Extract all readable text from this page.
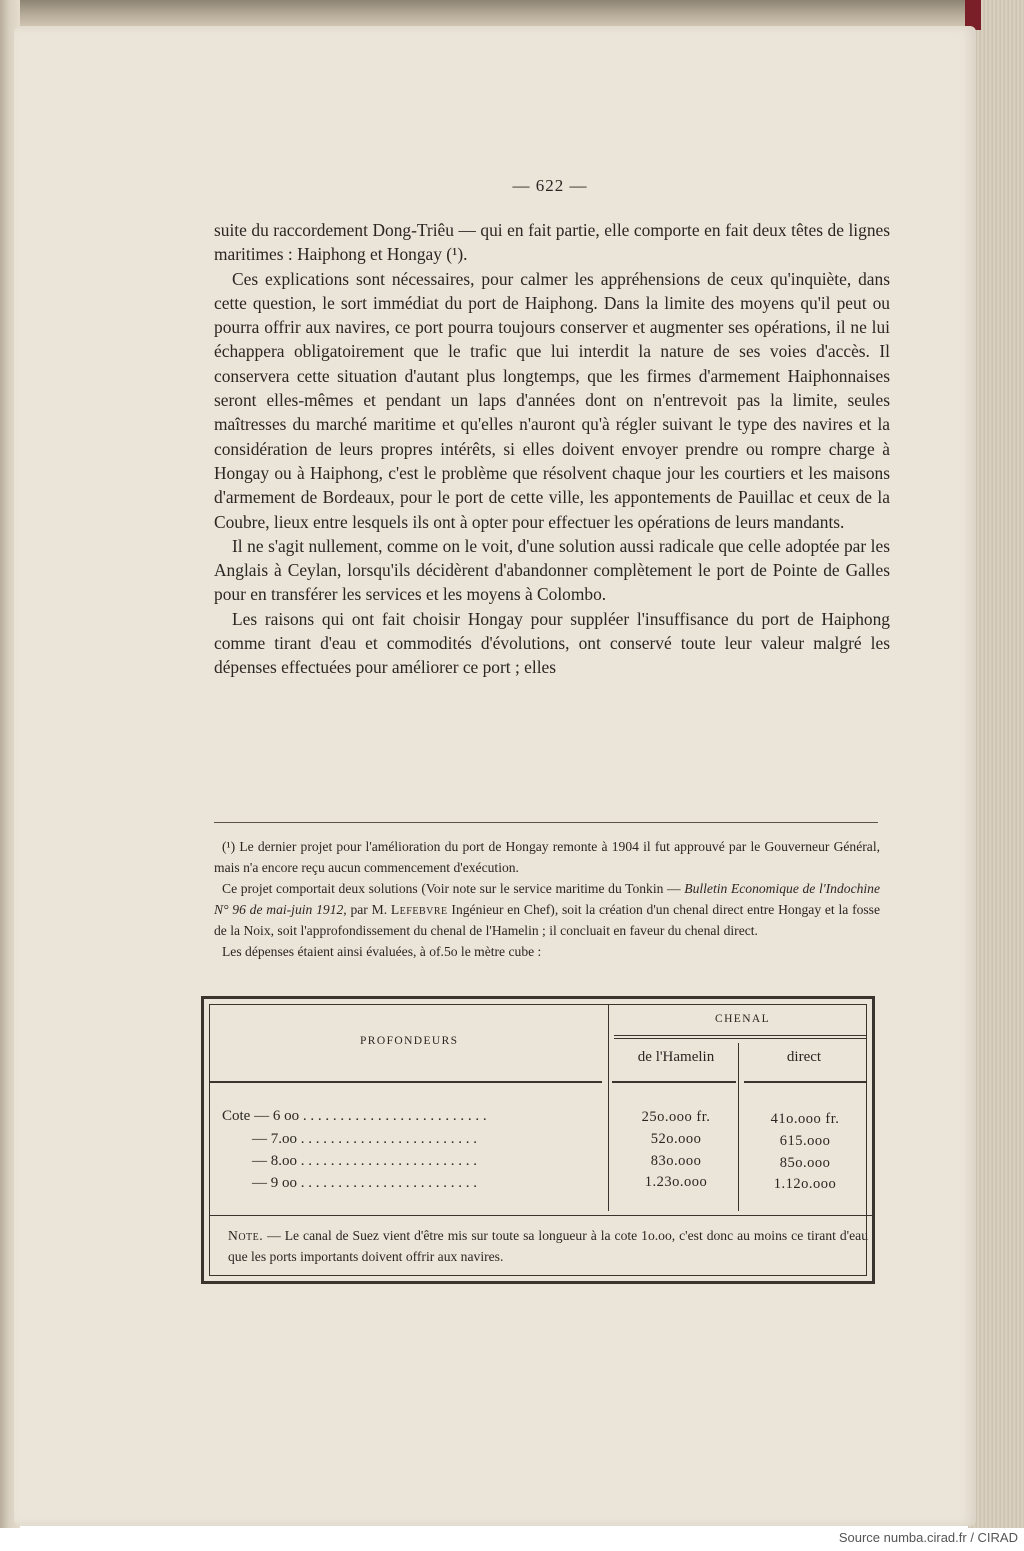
— 622 —

suite du raccordement Dong-Triêu — qui en fait partie, elle comporte en fait deux têtes de lignes maritimes : Haiphong et Hongay (¹).

Ces explications sont nécessaires, pour calmer les appréhensions de ceux qu'inquiète, dans cette question, le sort immédiat du port de Haiphong. Dans la limite des moyens qu'il peut ou pourra offrir aux navires, ce port pourra toujours conserver et augmenter ses opérations, il ne lui échappera obligatoirement que le trafic que lui interdit la nature de ses voies d'accès. Il conservera cette situation d'autant plus longtemps, que les firmes d'armement Haiphonnaises seront elles-mêmes et pendant un laps d'années dont on n'entrevoit pas la limite, seules maîtresses du marché maritime et qu'elles n'auront qu'à régler suivant le type des navires et la considération de leurs propres intérêts, si elles doivent envoyer prendre ou rompre charge à Hongay ou à Haiphong, c'est le problème que résolvent chaque jour les courtiers et les maisons d'armement de Bordeaux, pour le port de cette ville, les appontements de Pauillac et ceux de la Coubre, lieux entre lesquels ils ont à opter pour effectuer les opérations de leurs mandants.

Il ne s'agit nullement, comme on le voit, d'une solution aussi radicale que celle adoptée par les Anglais à Ceylan, lorsqu'ils décidèrent d'abandonner complètement le port de Pointe de Galles pour en transférer les services et les moyens à Colombo.

Les raisons qui ont fait choisir Hongay pour suppléer l'insuffisance du port de Haiphong comme tirant d'eau et commodités d'évolutions, ont conservé toute leur valeur malgré les dépenses effectuées pour améliorer ce port ; elles

(¹) Le dernier projet pour l'amélioration du port de Hongay remonte à 1904 il fut approuvé par le Gouverneur Général, mais n'a encore reçu aucun commencement d'exécution.

Ce projet comportait deux solutions (Voir note sur le service maritime du Tonkin — Bulletin Economique de l'Indochine N° 96 de mai-juin 1912, par M. Lefebvre Ingénieur en Chef), soit la création d'un chenal direct entre Hongay et la fosse de la Noix, soit l'approfondissement du chenal de l'Hamelin ; il concluait en faveur du chenal direct.

Les dépenses étaient ainsi évaluées, à of.5o le mètre cube :

PROFONDEURS
CHENAL
de l'Hamelin	direct
Cote — 6 oo . . . . . . . . . . . . . . . . . . . . . . . . .	25o.ooo fr.	41o.ooo fr.
— 7.oo . . . . . . . . . . . . . . . . . . . . . . . .	52o.ooo	615.ooo
— 8.oo . . . . . . . . . . . . . . . . . . . . . . . .	83o.ooo	85o.ooo
— 9 oo . . . . . . . . . . . . . . . . . . . . . . . .	1.23o.ooo	1.12o.ooo
Note. — Le canal de Suez vient d'être mis sur toute sa longueur à la cote 1o.oo, c'est donc au moins ce tirant d'eau que les ports importants doivent offrir aux navires.
Source numba.cirad.fr / CIRAD
